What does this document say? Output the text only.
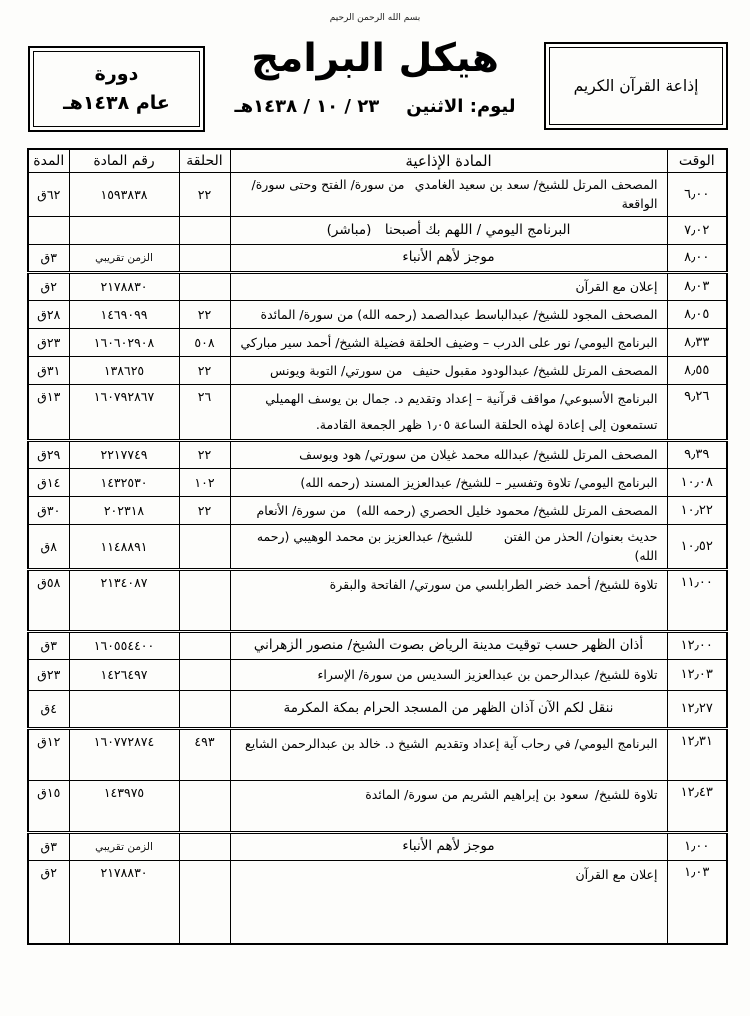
بسم الله الرحمن الرحيم
هيكل البرامج
ليوم: الاثنين   ٢٣ / ١٠ / ١٤٣٨هـ
إذاعة القرآن الكريم
دورة
عام ١٤٣٨هـ
الوقت	المادة الإذاعية	الحلقة	رقم المادة	المدة
٦٫٠٠	المصحف المرتل للشيخ/ سعد بن سعيد الغامدي  من سورة/ الفتح وحتى سورة/ الواقعة	٢٢	١٥٩٣٨٣٨	٦٢ق
٧٫٠٢	البرنامج اليومي / اللهم بك أصبحنا  (مباشر)			

٨٫٠٠	موجز لأهم الأنباء		الزمن تقريبي	٣ق
٨٫٠٣	إعلان مع القرآن		٢١٧٨٨٣٠	٢ق
٨٫٠٥	المصحف المجود للشيخ/ عبدالباسط عبدالصمد (رحمه الله) من سورة/ المائدة	٢٢	١٤٦٩٠٩٩	٢٨ق
٨٫٣٣	البرنامج اليومي/ نور على الدرب – وضيف الحلقة فضيلة الشيخ/ أحمد سير مباركي	٥٠٨	١٦٠٦٠٢٩٠٨	٢٣ق
٨٫٥٥	المصحف المرتل للشيخ/ عبدالودود مقبول حنيف  من سورتي/ التوبة ويونس	٢٢	١٣٨٦٢٥	٣١ق
٩٫٢٦	البرنامج الأسبوعي/ مواقف قرآنية – إعداد وتقديم د. جمال بن يوسف الهميلي
تستمعون إلى إعادة لهذه الحلقة الساعة ١٫٠٥ ظهر الجمعة القادمة.	٢٦	١٦٠٧٩٢٨٦٧	١٣ق
٩٫٣٩	المصحف المرتل للشيخ/ عبدالله محمد غيلان من سورتي/ هود ويوسف	٢٢	٢٢١٧٧٤٩	٢٩ق
١٠٫٠٨	البرنامج اليومي/ تلاوة وتفسير – للشيخ/ عبدالعزيز المسند (رحمه الله)	١٠٢	١٤٣٢٥٣٠	١٤ق
١٠٫٢٢	المصحف المرتل للشيخ/ محمود خليل الحصري (رحمه الله)  من سورة/ الأنعام	٢٢	٢٠٢٣١٨	٣٠ق
١٠٫٥٢	حديث بعنوان/ الحذر من الفتن   للشيخ/ عبدالعزيز بن محمد الوهيبي (رحمه الله)		١١٤٨٨٩١	٨ق
١١٫٠٠	تلاوة للشيخ/ أحمد خضر الطرابلسي من سورتي/ الفاتحة والبقرة		٢١٣٤٠٨٧	٥٨ق
١٢٫٠٠	أذان الظهر حسب توقيت مدينة الرياض بصوت الشيخ/ منصور الزهراني		١٦٠٥٥٤٤٠٠	٣ق
١٢٫٠٣	تلاوة للشيخ/ عبدالرحمن بن عبدالعزيز السديس من سورة/ الإسراء		١٤٢٦٤٩٧	٢٣ق
١٢٫٢٧	ننقل لكم الآن آذان الظهر من المسجد الحرام بمكة المكرمة			٤ق
١٢٫٣١	البرنامج اليومي/ في رحاب آية إعداد وتقديم الشيخ د. خالد بن عبدالرحمن الشايع	٤٩٣	١٦٠٧٧٢٨٧٤	١٢ق
١٢٫٤٣	تلاوة للشيخ/ سعود بن إبراهيم الشريم من سورة/ المائدة		١٤٣٩٧٥	١٥ق
١٫٠٠	موجز لأهم الأنباء		الزمن تقريبي	٣ق
١٫٠٣	إعلان مع القرآن		٢١٧٨٨٣٠	٢ق
